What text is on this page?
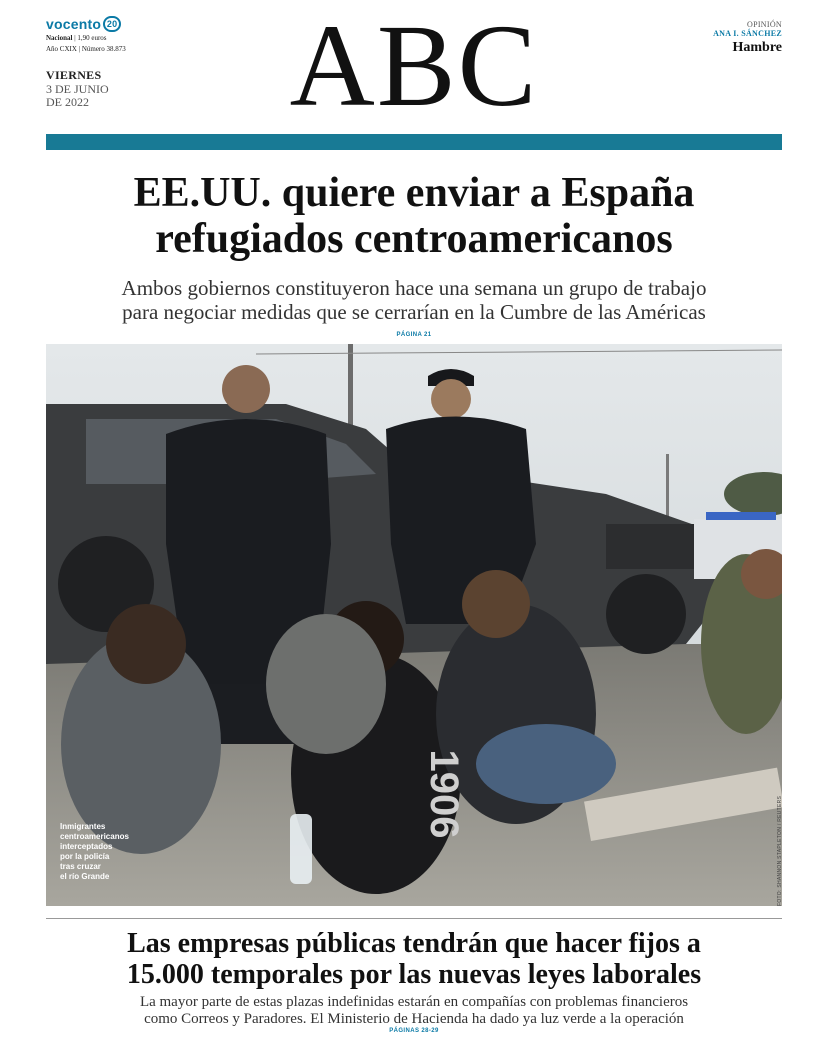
vocento 20
Nacional | 1,90 euros
Año CXIX | Número 38.873
VIERNES
3 DE JUNIO
DE 2022	ABC	OPINIÓN
ANA I. SÁNCHEZ
Hambre
EE.UU. quiere enviar a España
refugiados centroamericanos
Ambos gobiernos constituyeron hace una semana un grupo de trabajo
para negociar medidas que se cerrarían en la Cumbre de las Américas
PÁGINA 21
1906
Inmigrantes
centroamericanos
interceptados
por la policía
tras cruzar
el río Grande	FOTO: SHANNON STAPLETON / REUTERS
Las empresas públicas tendrán que hacer fijos a
15.000 temporales por las nuevas leyes laborales
La mayor parte de estas plazas indefinidas estarán en compañías con problemas financieros
como Correos y Paradores. El Ministerio de Hacienda ha dado ya luz verde a la operación
PÁGINAS 28-29
